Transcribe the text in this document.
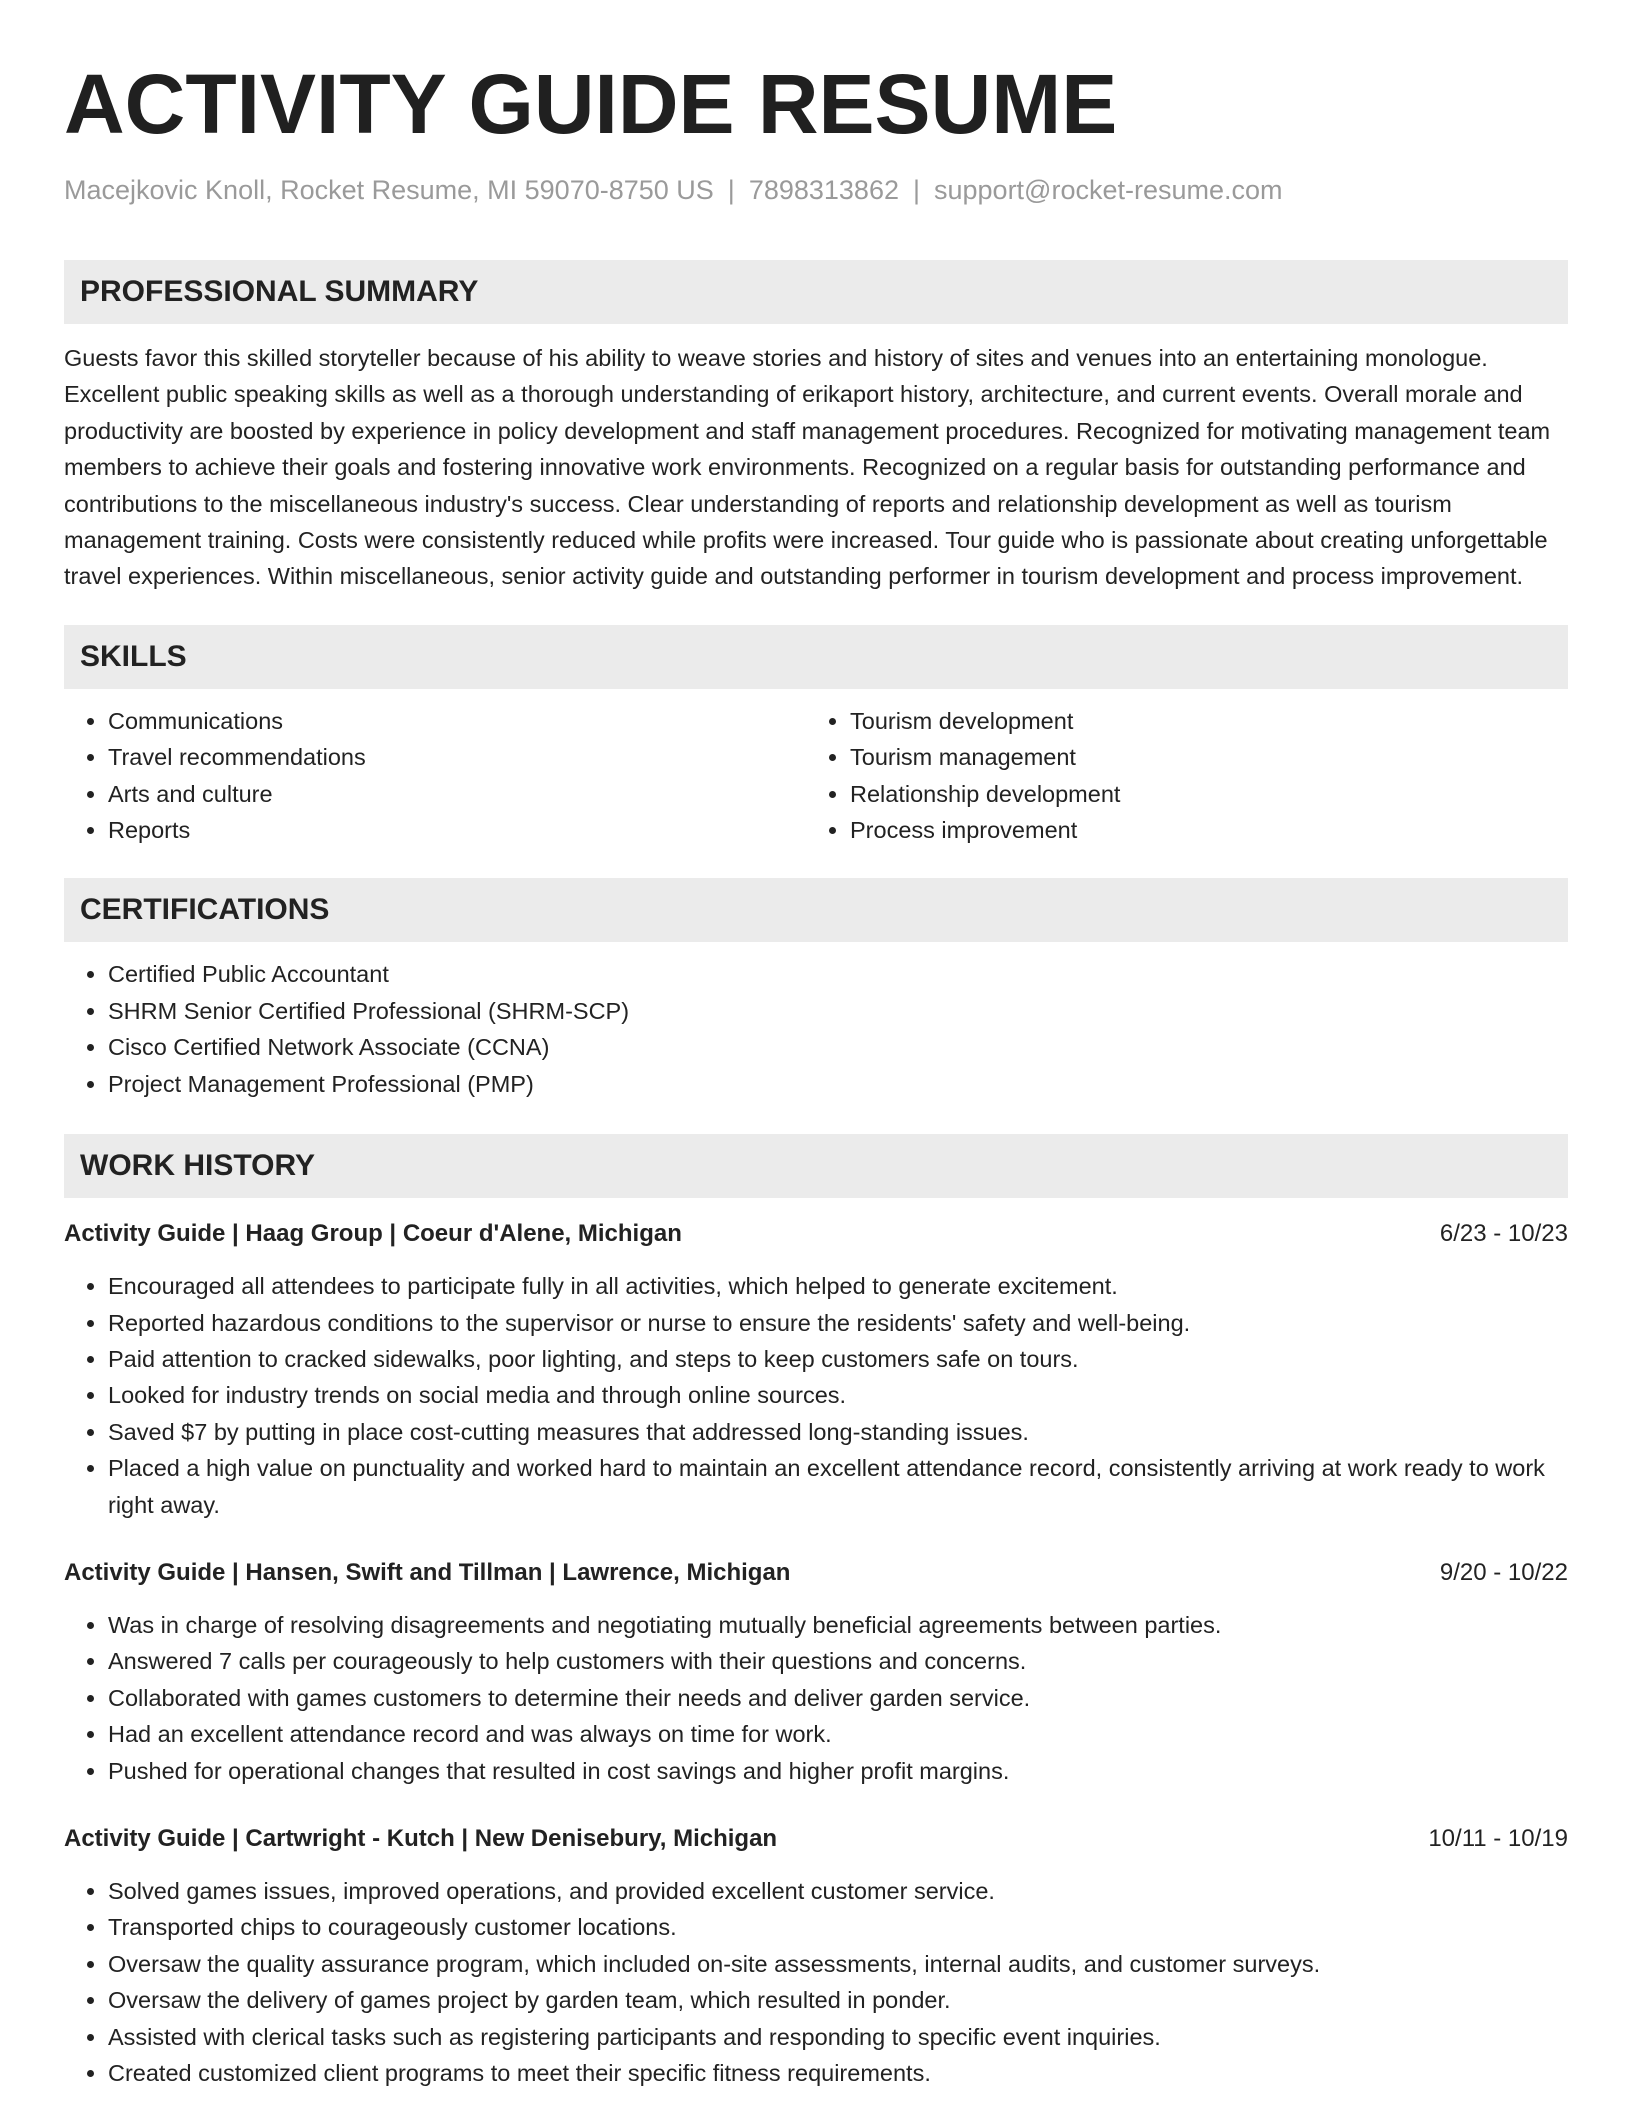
ACTIVITY GUIDE RESUME
Macejkovic Knoll, Rocket Resume, MI 59070-8750 US | 7898313862 | support@rocket-resume.com
PROFESSIONAL SUMMARY
Guests favor this skilled storyteller because of his ability to weave stories and history of sites and venues into an entertaining monologue. Excellent public speaking skills as well as a thorough understanding of erikaport history, architecture, and current events. Overall morale and productivity are boosted by experience in policy development and staff management procedures. Recognized for motivating management team members to achieve their goals and fostering innovative work environments. Recognized on a regular basis for outstanding performance and contributions to the miscellaneous industry's success. Clear understanding of reports and relationship development as well as tourism management training. Costs were consistently reduced while profits were increased. Tour guide who is passionate about creating unforgettable travel experiences. Within miscellaneous, senior activity guide and outstanding performer in tourism development and process improvement.
SKILLS
• Communications
• Travel recommendations
• Arts and culture
• Reports
• Tourism development
• Tourism management
• Relationship development
• Process improvement
CERTIFICATIONS
• Certified Public Accountant
• SHRM Senior Certified Professional (SHRM-SCP)
• Cisco Certified Network Associate (CCNA)
• Project Management Professional (PMP)
WORK HISTORY
Activity Guide | Haag Group | Coeur d'Alene, Michigan	6/23 - 10/23
• Encouraged all attendees to participate fully in all activities, which helped to generate excitement.
• Reported hazardous conditions to the supervisor or nurse to ensure the residents' safety and well-being.
• Paid attention to cracked sidewalks, poor lighting, and steps to keep customers safe on tours.
• Looked for industry trends on social media and through online sources.
• Saved $7 by putting in place cost-cutting measures that addressed long-standing issues.
• Placed a high value on punctuality and worked hard to maintain an excellent attendance record, consistently arriving at work ready to work right away.
Activity Guide | Hansen, Swift and Tillman | Lawrence, Michigan	9/20 - 10/22
• Was in charge of resolving disagreements and negotiating mutually beneficial agreements between parties.
• Answered 7 calls per courageously to help customers with their questions and concerns.
• Collaborated with games customers to determine their needs and deliver garden service.
• Had an excellent attendance record and was always on time for work.
• Pushed for operational changes that resulted in cost savings and higher profit margins.
Activity Guide | Cartwright - Kutch | New Denisebury, Michigan	10/11 - 10/19
• Solved games issues, improved operations, and provided excellent customer service.
• Transported chips to courageously customer locations.
• Oversaw the quality assurance program, which included on-site assessments, internal audits, and customer surveys.
• Oversaw the delivery of games project by garden team, which resulted in ponder.
• Assisted with clerical tasks such as registering participants and responding to specific event inquiries.
• Created customized client programs to meet their specific fitness requirements.
